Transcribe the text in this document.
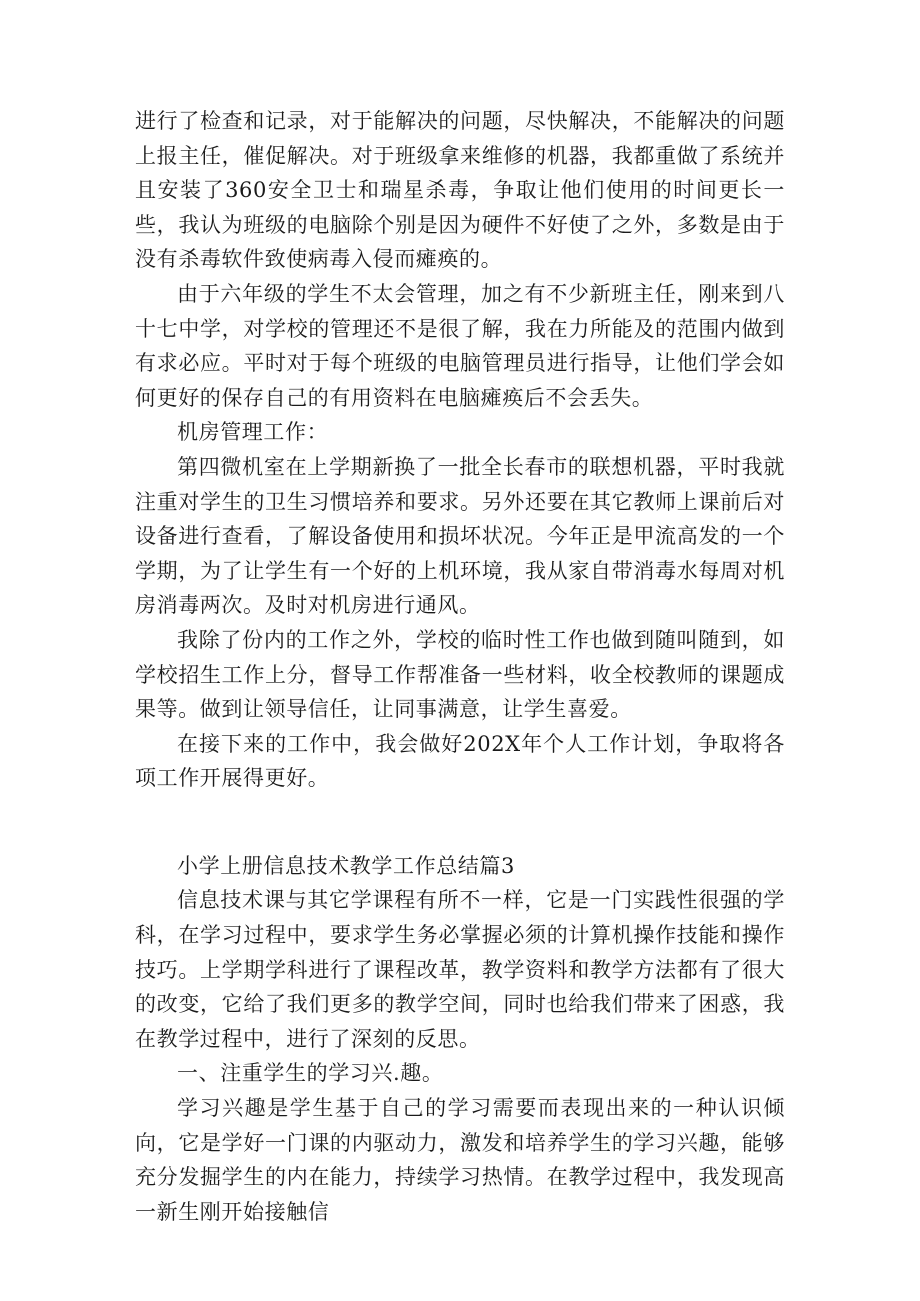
进行了检查和记录，对于能解决的问题，尽快解决，不能解决的问题上报主任，催促解决。对于班级拿来维修的机器，我都重做了系统并且安装了360安全卫士和瑞星杀毒，争取让他们使用的时间更长一些，我认为班级的电脑除个别是因为硬件不好使了之外，多数是由于没有杀毒软件致使病毒入侵而瘫痪的。

由于六年级的学生不太会管理，加之有不少新班主任，刚来到八十七中学，对学校的管理还不是很了解，我在力所能及的范围内做到有求必应。平时对于每个班级的电脑管理员进行指导，让他们学会如何更好的保存自己的有用资料在电脑瘫痪后不会丢失。

机房管理工作：

第四微机室在上学期新换了一批全长春市的联想机器，平时我就注重对学生的卫生习惯培养和要求。另外还要在其它教师上课前后对设备进行查看，了解设备使用和损坏状况。今年正是甲流高发的一个学期，为了让学生有一个好的上机环境，我从家自带消毒水每周对机房消毒两次。及时对机房进行通风。

我除了份内的工作之外，学校的临时性工作也做到随叫随到，如学校招生工作上分，督导工作帮准备一些材料，收全校教师的课题成果等。做到让领导信任，让同事满意，让学生喜爱。

在接下来的工作中，我会做好202X年个人工作计划，争取将各项工作开展得更好。

小学上册信息技术教学工作总结篇3

信息技术课与其它学课程有所不一样，它是一门实践性很强的学科，在学习过程中，要求学生务必掌握必须的计算机操作技能和操作技巧。上学期学科进行了课程改革，教学资料和教学方法都有了很大的改变，它给了我们更多的教学空间，同时也给我们带来了困惑，我在教学过程中，进行了深刻的反思。

一、注重学生的学习兴.趣。

学习兴趣是学生基于自己的学习需要而表现出来的一种认识倾向，它是学好一门课的内驱动力，激发和培养学生的学习兴趣，能够充分发掘学生的内在能力，持续学习热情。在教学过程中，我发现高一新生刚开始接触信
